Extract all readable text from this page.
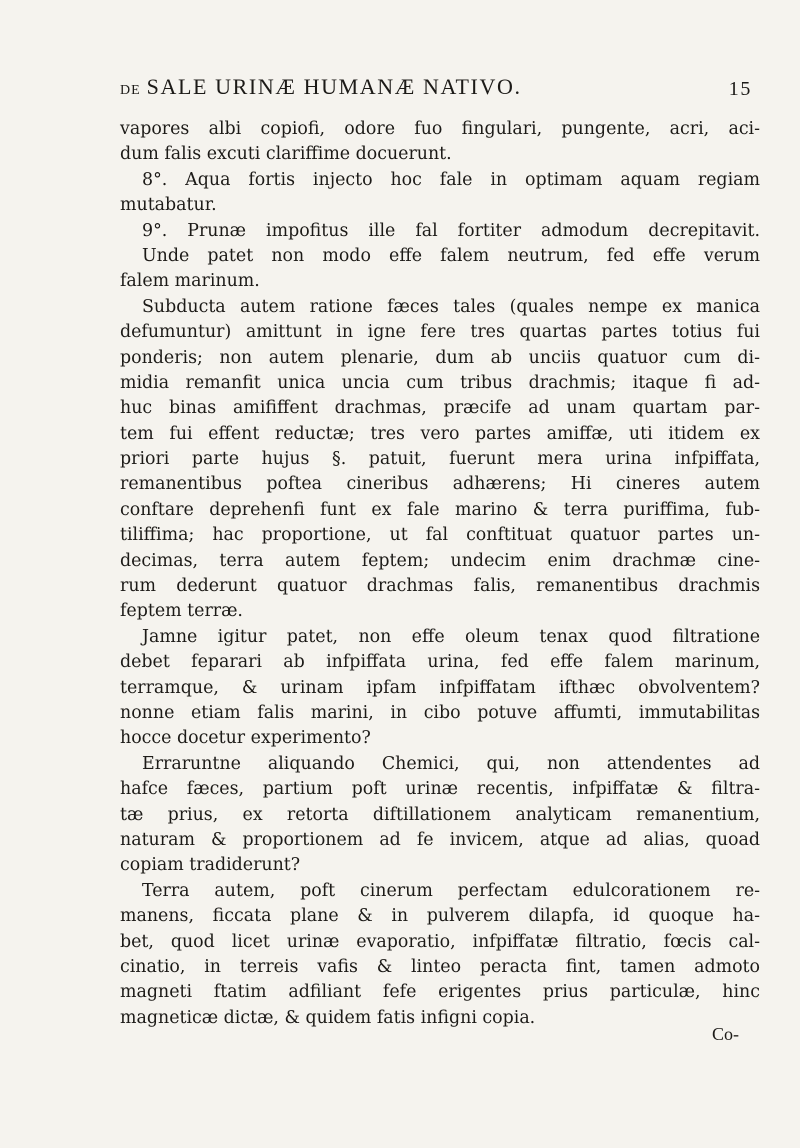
DE SALE URINÆ HUMANÆ NATIVO.	15
vapores albi copiofi, odore fuo fingulari, pungente, acri, aci-
dum falis excuti clariffime docuerunt.
8°. Aqua fortis injecto hoc fale in optimam aquam regiam
mutabatur.
9°. Prunæ impofitus ille fal fortiter admodum decrepitavit.
Unde patet non modo effe falem neutrum, fed effe verum
falem marinum.
Subducta autem ratione fæces tales (quales nempe ex manica
defumuntur) amittunt in igne fere tres quartas partes totius fui
ponderis; non autem plenarie, dum ab unciis quatuor cum di-
midia remanfit unica uncia cum tribus drachmis; itaque fi ad-
huc binas amififfent drachmas, præcife ad unam quartam par-
tem fui effent reductæ; tres vero partes amiffæ, uti itidem ex
priori parte hujus §. patuit, fuerunt mera urina infpiffata,
remanentibus poftea cineribus adhærens; Hi cineres autem
conftare deprehenfi funt ex fale marino & terra puriffima, fub-
tiliffima; hac proportione, ut fal conftituat quatuor partes un-
decimas, terra autem feptem; undecim enim drachmæ cine-
rum dederunt quatuor drachmas falis, remanentibus drachmis
feptem terræ.
Jamne igitur patet, non effe oleum tenax quod filtratione
debet feparari ab infpiffata urina, fed effe falem marinum,
terramque, & urinam ipfam infpiffatam ifthæc obvolventem?
nonne etiam falis marini, in cibo potuve affumti, immutabilitas
hocce docetur experimento?
Erraruntne aliquando Chemici, qui, non attendentes ad
hafce fæces, partium poft urinæ recentis, infpiffatæ & filtra-
tæ prius, ex retorta diftillationem analyticam remanentium,
naturam & proportionem ad fe invicem, atque ad alias, quoad
copiam tradiderunt?
Terra autem, poft cinerum perfectam edulcorationem re-
manens, ficcata plane & in pulverem dilapfa, id quoque ha-
bet, quod licet urinæ evaporatio, infpiffatæ filtratio, fœcis cal-
cinatio, in terreis vafis & linteo peracta fint, tamen admoto
magneti ftatim adfiliant fefe erigentes prius particulæ, hinc
magneticæ dictæ, & quidem fatis infigni copia.
Co-
